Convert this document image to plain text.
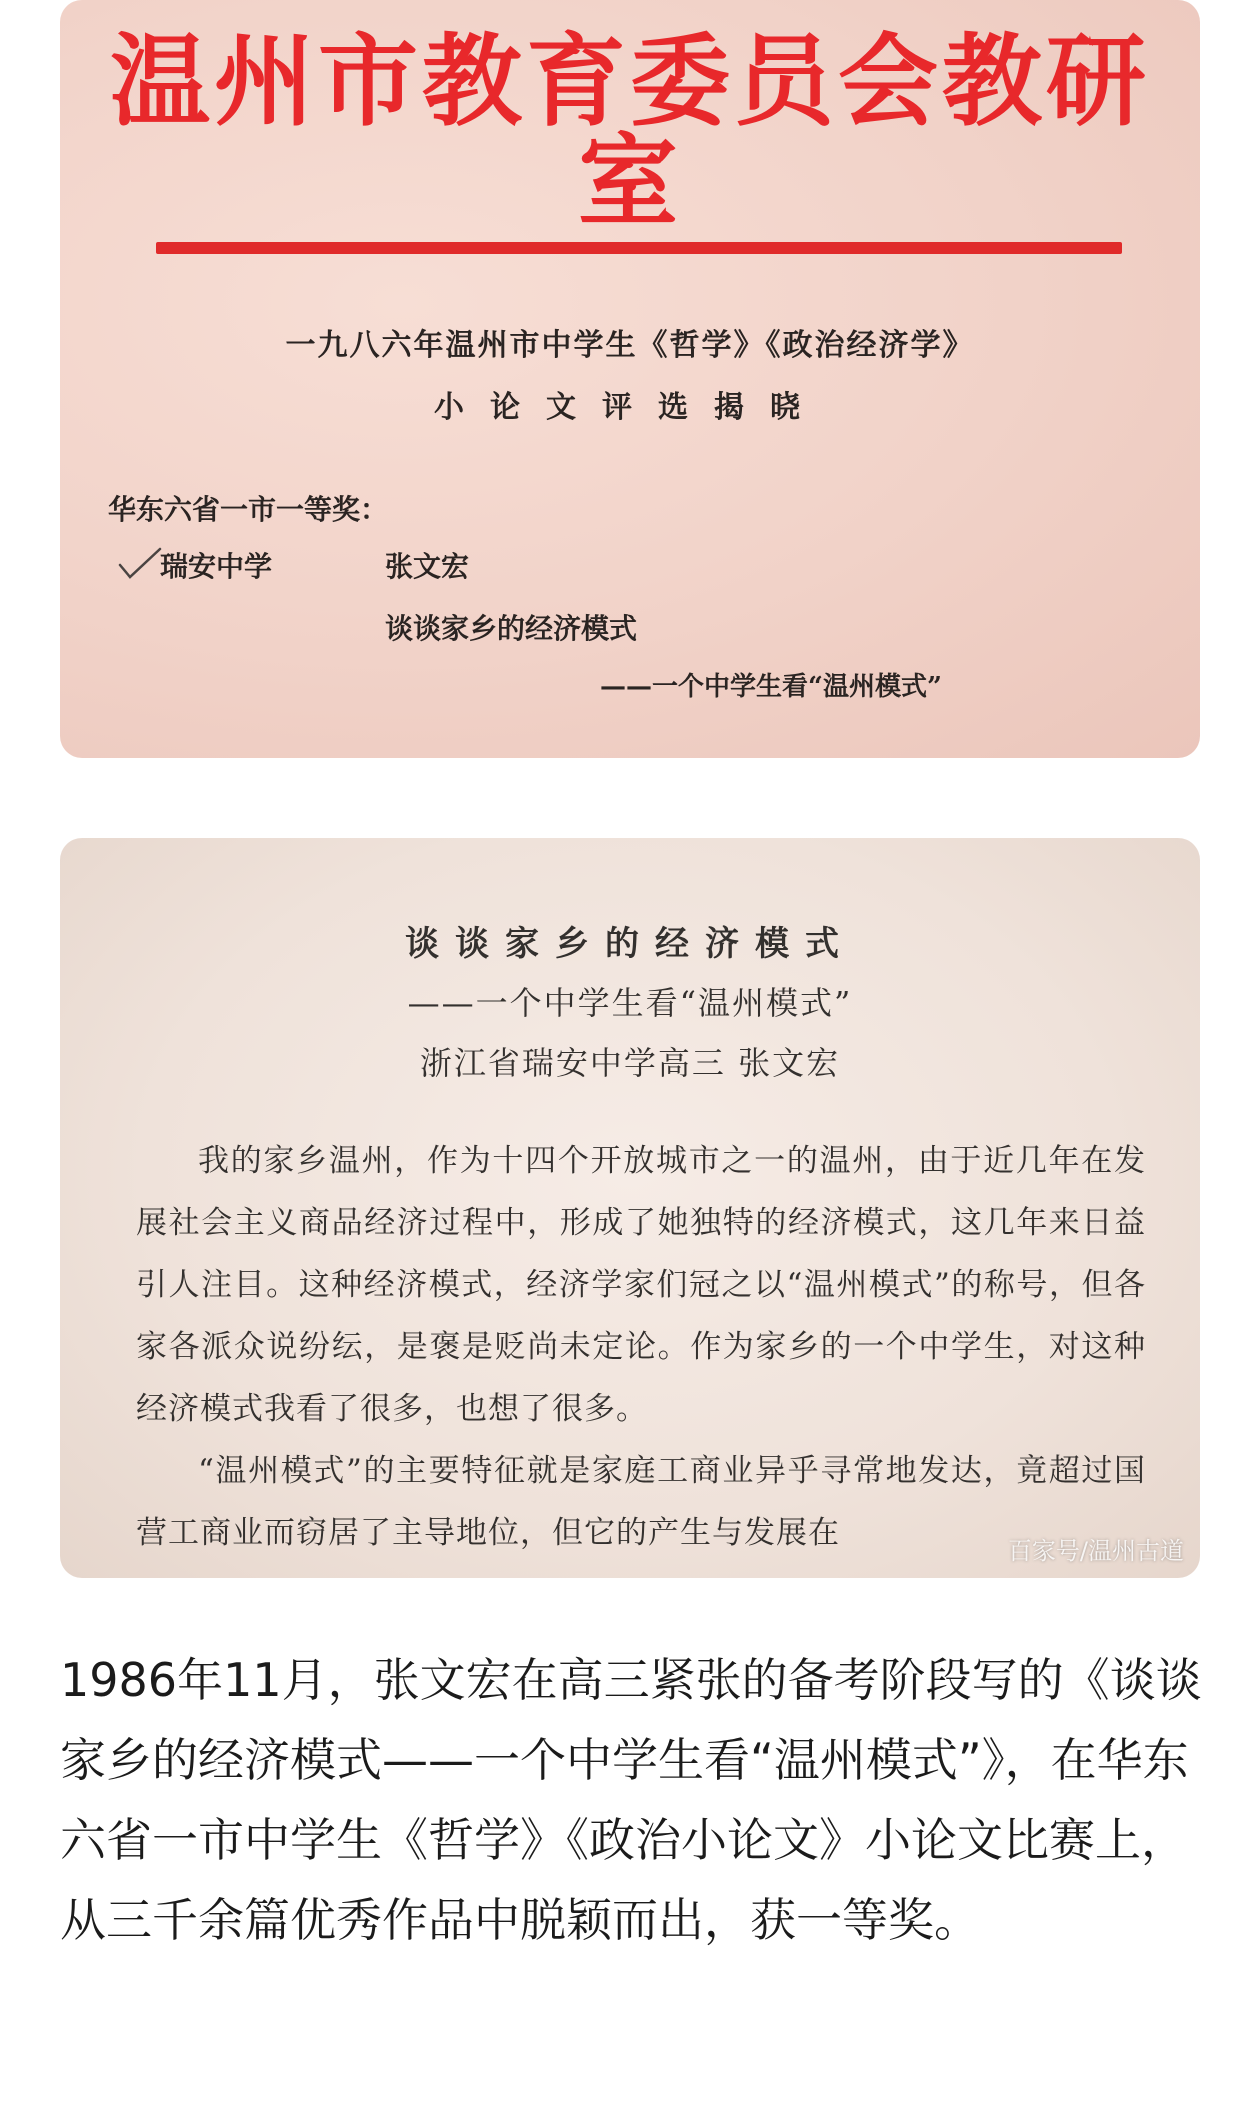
温州市教育委员会教研室
一九八六年温州市中学生《哲学》《政治经济学》
小论文评选揭晓
华东六省一市一等奖：
瑞安中学	张文宏
谈谈家乡的经济模式
——一个中学生看“温州模式”
谈谈家乡的经济模式
——一个中学生看“温州模式”
浙江省瑞安中学高三 张文宏

我的家乡温州，作为十四个开放城市之一的温州，由于近几年在发展社会主义商品经济过程中，形成了她独特的经济模式，这几年来日益引人注目。这种经济模式，经济学家们冠之以“温州模式”的称号，但各家各派众说纷纭，是褒是贬尚未定论。作为家乡的一个中学生，对这种经济模式我看了很多，也想了很多。

“温州模式”的主要特征就是家庭工商业异乎寻常地发达，竟超过国营工商业而窃居了主导地位，但它的产生与发展在	百家号/温州古道

1986年11月，张文宏在高三紧张的备考阶段写的《谈谈家乡的经济模式——一个中学生看“温州模式”》，在华东六省一市中学生《哲学》《政治小论文》小论文比赛上，从三千余篇优秀作品中脱颖而出，获一等奖。
